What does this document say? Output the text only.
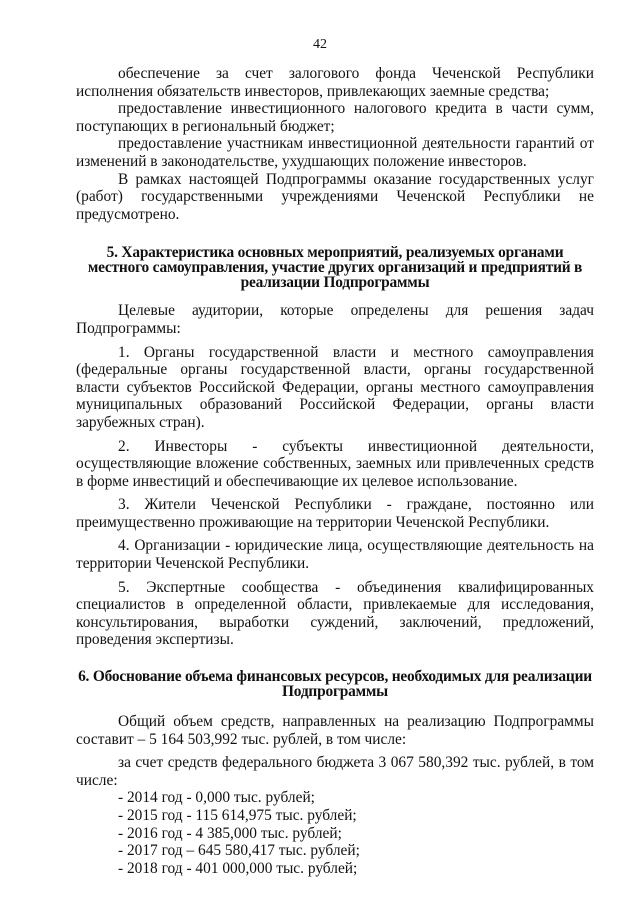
42

обеспечение за счет залогового фонда Чеченской Республики исполнения обязательств инвесторов, привлекающих заемные средства;

предоставление инвестиционного налогового кредита в части сумм, поступающих в региональный бюджет;

предоставление участникам инвестиционной деятельности гарантий от изменений в законодательстве, ухудшающих положение инвесторов.

В рамках настоящей Подпрограммы оказание государственных услуг (работ) государственными учреждениями Чеченской Республики не предусмотрено.

5. Характеристика основных мероприятий, реализуемых органами местного самоуправления, участие других организаций и предприятий в реализации Подпрограммы

Целевые аудитории, которые определены для решения задач Подпрограммы:

1. Органы государственной власти и местного самоуправления (федеральные органы государственной власти, органы государственной власти субъектов Российской Федерации, органы местного самоуправления муниципальных образований Российской Федерации, органы власти зарубежных стран).

2. Инвесторы - субъекты инвестиционной деятельности, осуществляющие вложение собственных, заемных или привлеченных средств в форме инвестиций и обеспечивающие их целевое использование.

3. Жители Чеченской Республики - граждане, постоянно или преимущественно проживающие на территории Чеченской Республики.

4. Организации - юридические лица, осуществляющие деятельность на территории Чеченской Республики.

5. Экспертные сообщества - объединения квалифицированных специалистов в определенной области, привлекаемые для исследования, консультирования, выработки суждений, заключений, предложений, проведения экспертизы.

6. Обоснование объема финансовых ресурсов, необходимых для реализации Подпрограммы

Общий объем средств, направленных на реализацию Подпрограммы составит – 5 164 503,992 тыс. рублей, в том числе:

за счет средств федерального бюджета 3 067 580,392 тыс. рублей, в том числе:

- 2014 год - 0,000 тыс. рублей;
- 2015 год - 115 614,975 тыс. рублей;
- 2016 год - 4 385,000 тыс. рублей;
- 2017 год – 645 580,417 тыс. рублей;
- 2018 год - 401 000,000 тыс. рублей;
